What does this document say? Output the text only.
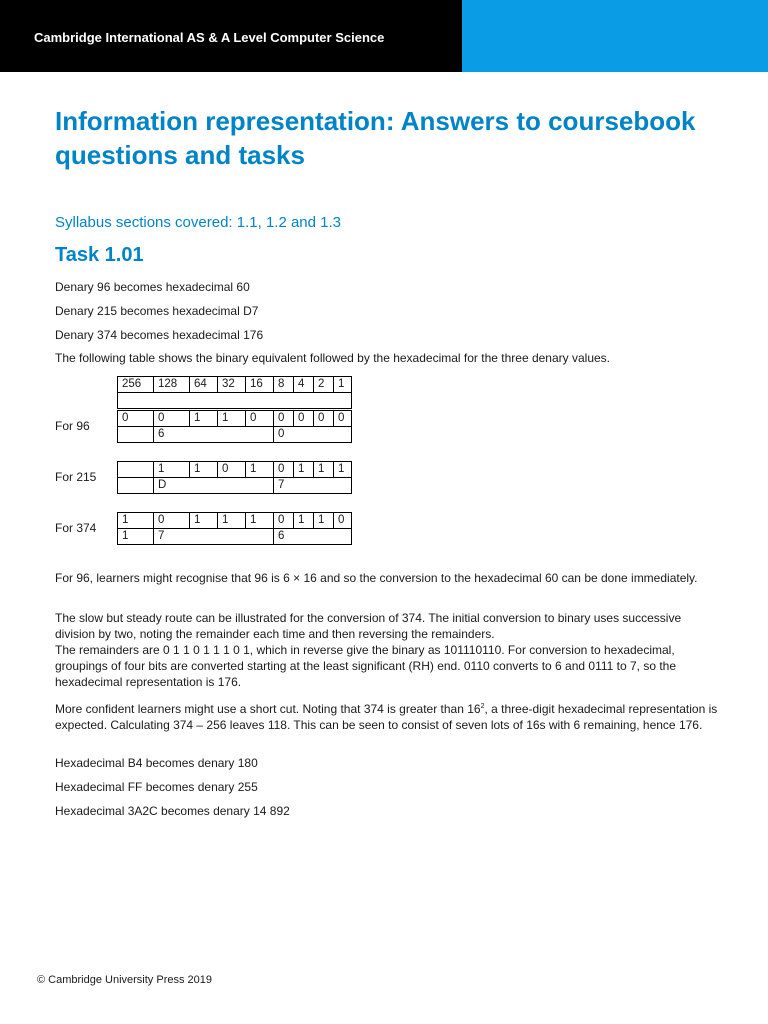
Cambridge International AS & A Level Computer Science
Information representation: Answers to coursebook questions and tasks
Syllabus sections covered: 1.1, 1.2 and 1.3
Task 1.01
Denary 96 becomes hexadecimal 60
Denary 215 becomes hexadecimal D7
Denary 374 becomes hexadecimal 176
The following table shows the binary equivalent followed by the hexadecimal for the three denary values.
256	128	64	32	16	8	4	2	1

For 96
0	0	1	1	0	0	0	0	0
	6				0			
For 215
	1	1	0	1	0	1	1	1
	D				7			
For 374
1	0	1	1	1	0	1	1	0
1	7				6			

For 96, learners might recognise that 96 is 6 × 16 and so the conversion to the hexadecimal 60 can be done immediately.

The slow but steady route can be illustrated for the conversion of 374. The initial conversion to binary uses successive division by two, noting the remainder each time and then reversing the remainders.

The remainders are 0 1 1 0 1 1 1 0 1, which in reverse give the binary as 101110110. For conversion to hexadecimal, groupings of four bits are converted starting at the least significant (RH) end. 0110 converts to 6 and 0111 to 7, so the hexadecimal representation is 176.

More confident learners might use a short cut. Noting that 374 is greater than $16^2$, a three-digit hexadecimal representation is expected. Calculating 374 – 256 leaves 118. This can be seen to consist of seven lots of 16s with 6 remaining, hence 176.

Hexadecimal B4 becomes denary 180
Hexadecimal FF becomes denary 255
Hexadecimal 3A2C becomes denary 14 892
© Cambridge University Press 2019
